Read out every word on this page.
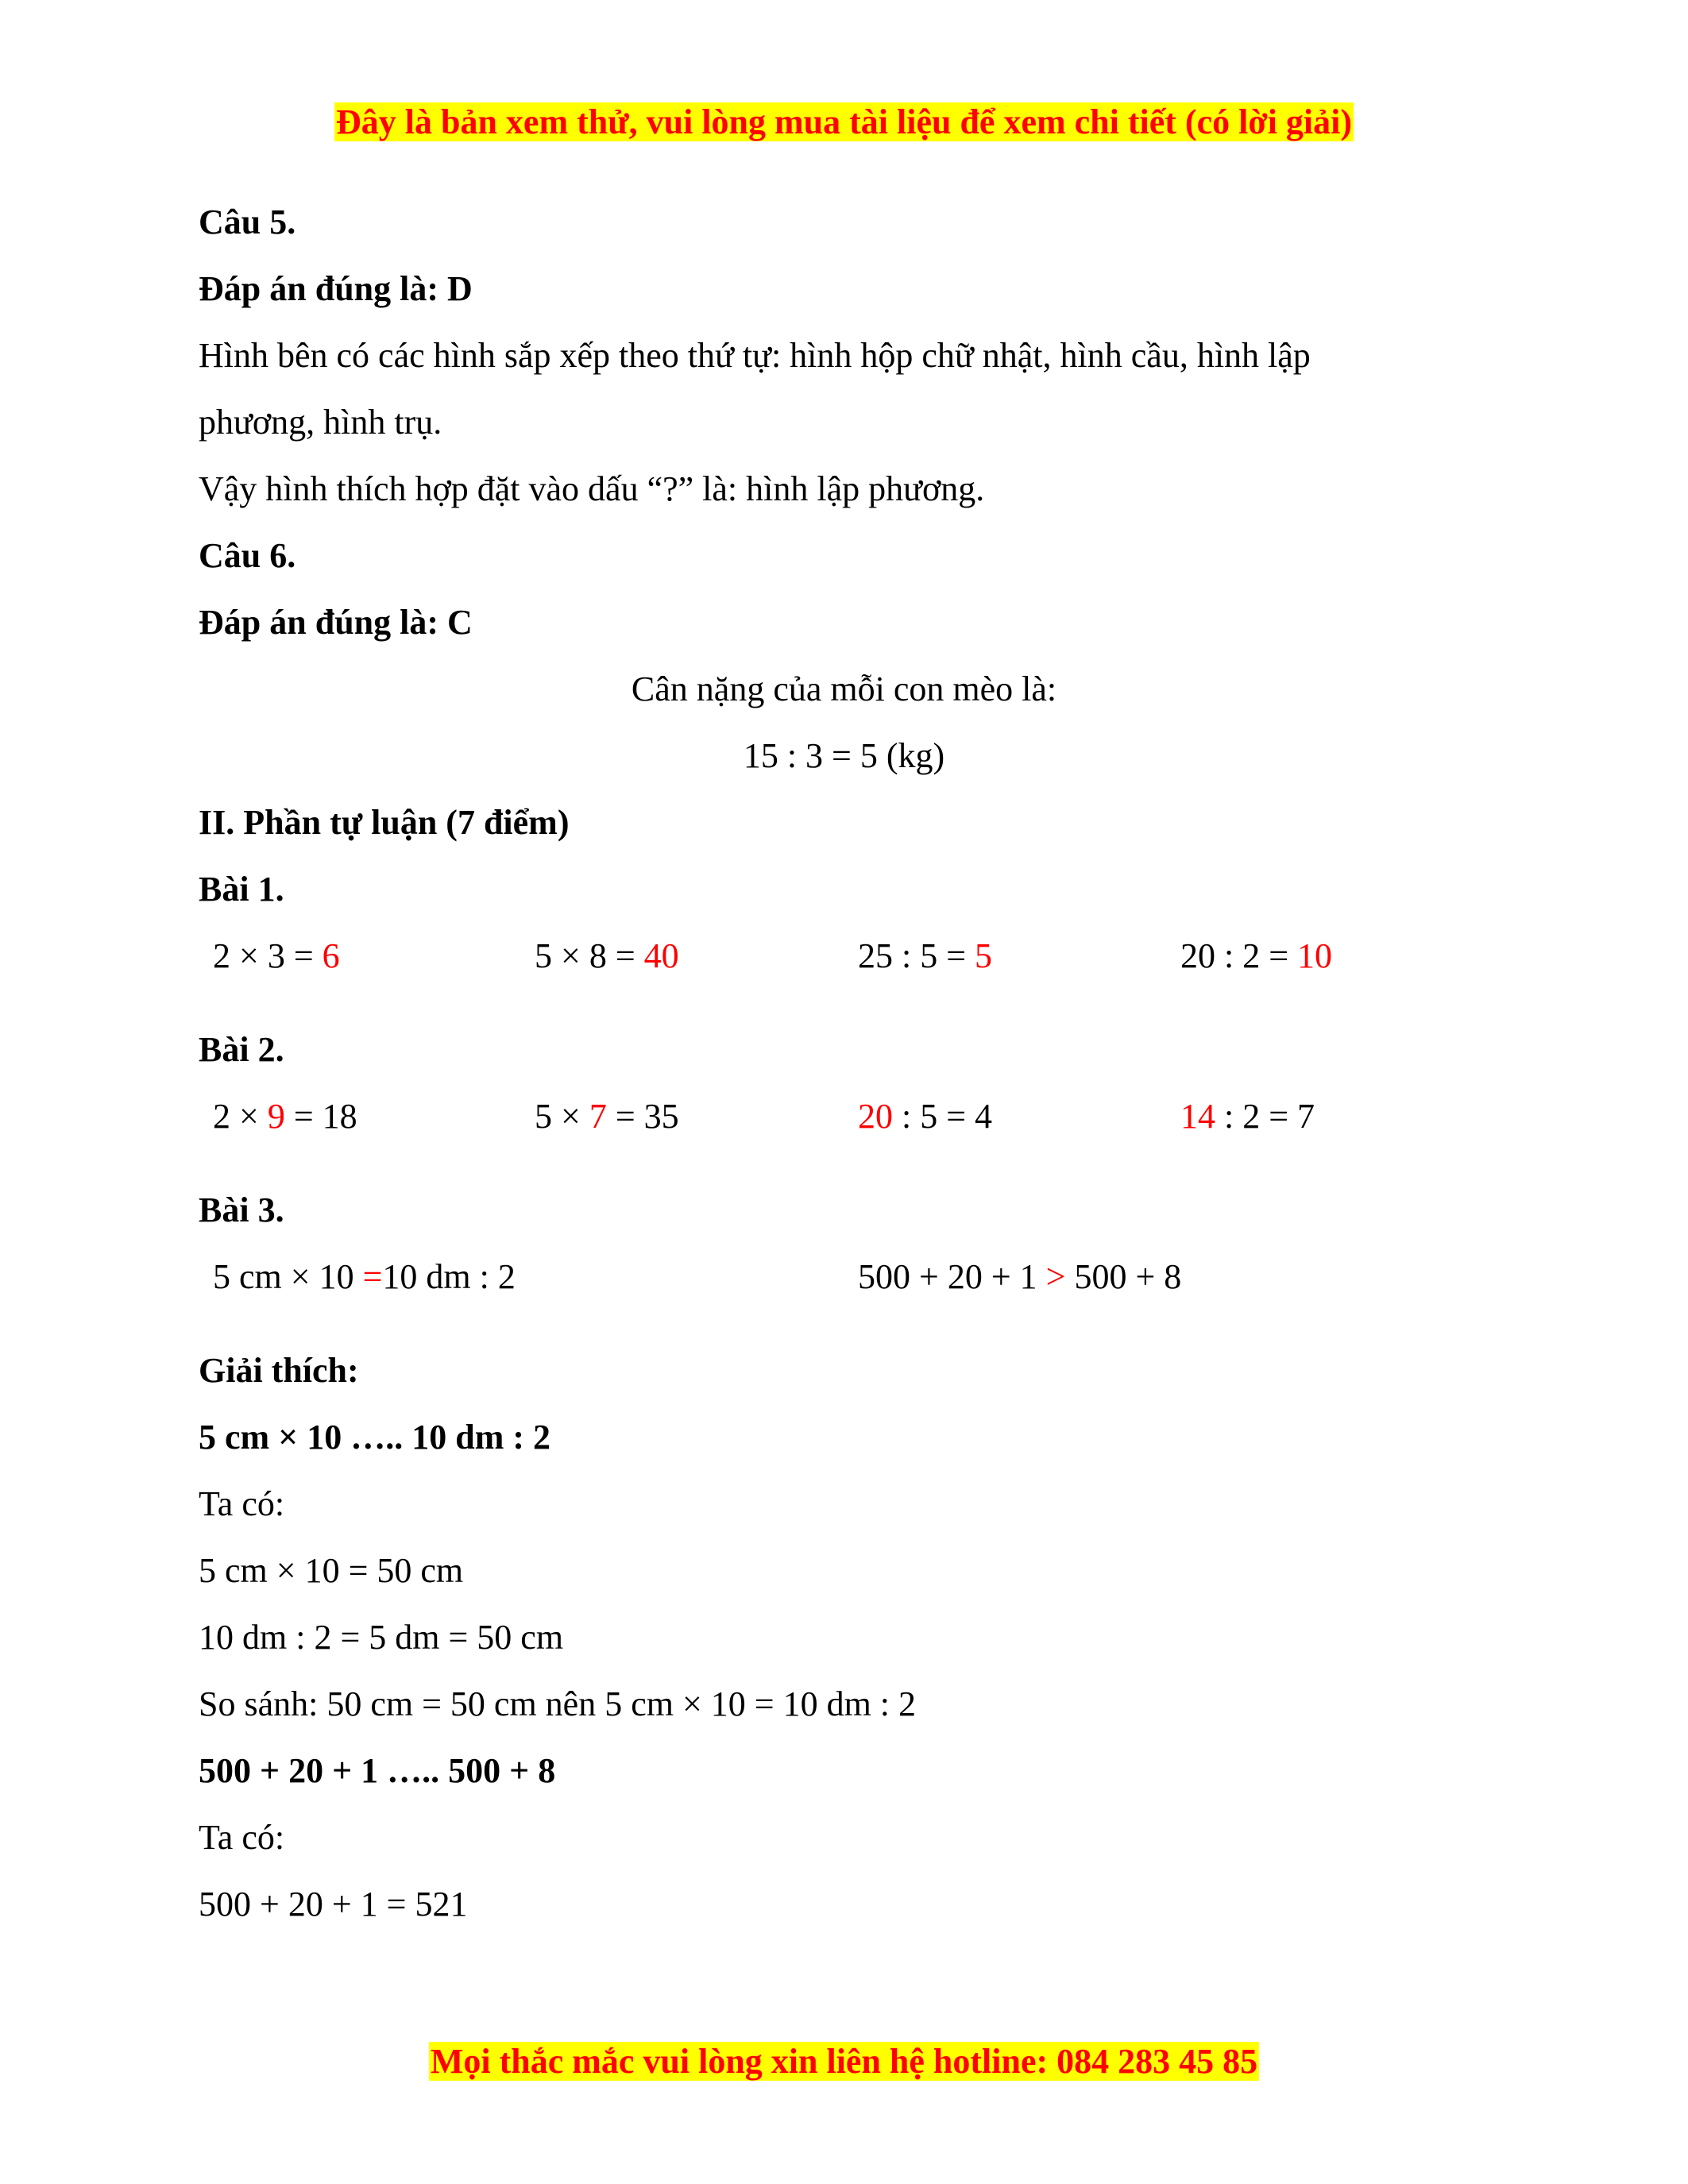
Đây là bản xem thử, vui lòng mua tài liệu để xem chi tiết (có lời giải)
Câu 5.
Đáp án đúng là: D
Hình bên có các hình sắp xếp theo thứ tự: hình hộp chữ nhật, hình cầu, hình lập
phương, hình trụ.
Vậy hình thích hợp đặt vào dấu “?” là: hình lập phương.
Câu 6.
Đáp án đúng là: C
Cân nặng của mỗi con mèo là:
15 : 3 = 5 (kg)
II. Phần tự luận (7 điểm)
Bài 1.
2 × 3 = 6	5 × 8 = 40	25 : 5 = 5	20 : 2 = 10
Bài 2.
2 × 9 = 18	5 × 7 = 35	20 : 5 = 4	14 : 2 = 7
Bài 3.
5 cm × 10 =10 dm : 2	500 + 20 + 1 > 500 + 8
Giải thích:
5 cm × 10 ….. 10 dm : 2
Ta có:
5 cm × 10 = 50 cm
10 dm : 2 = 5 dm = 50 cm
So sánh: 50 cm = 50 cm nên 5 cm × 10 = 10 dm : 2
500 + 20 + 1 ….. 500 + 8
Ta có:
500 + 20 + 1 = 521
Mọi thắc mắc vui lòng xin liên hệ hotline: 084 283 45 85
